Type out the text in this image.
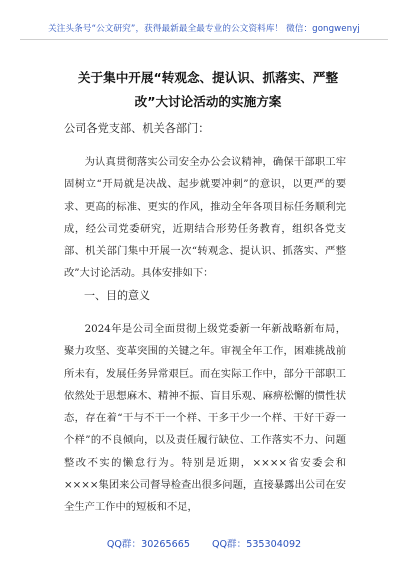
关注头条号“公文研究”，获得最新最全最专业的公文资料库！ 微信：gongwenyj
关于集中开展“转观念、提认识、抓落实、严整改”大讨论活动的实施方案
公司各党支部、机关各部门：
为认真贯彻落实公司安全办公会议精神，确保干部职工牢固树立“开局就是决战、起步就要冲刺”的意识，以更严的要求、更高的标准、更实的作风，推动全年各项目标任务顺利完成，经公司党委研究，近期结合形势任务教育，组织各党支部、机关部门集中开展一次“转观念、提认识、抓落实、严整改”大讨论活动。具体安排如下：
一、目的意义
2024年是公司全面贯彻上级党委新一年新战略新布局，聚力攻坚、变革突围的关键之年。审视全年工作，困难挑战前所未有，发展任务异常艰巨。而在实际工作中，部分干部职工依然处于思想麻木、精神不振、盲目乐观、麻痹松懈的惯性状态，存在着“干与不干一个样、干多干少一个样、干好干孬一个样”的不良倾向，以及责任履行缺位、工作落实不力、问题整改不实的懒怠行为。特别是近期，××××省安委会和××××集团来公司督导检查出很多问题，直接暴露出公司在安全生产工作中的短板和不足，
QQ群：30265665 QQ群：535304092
